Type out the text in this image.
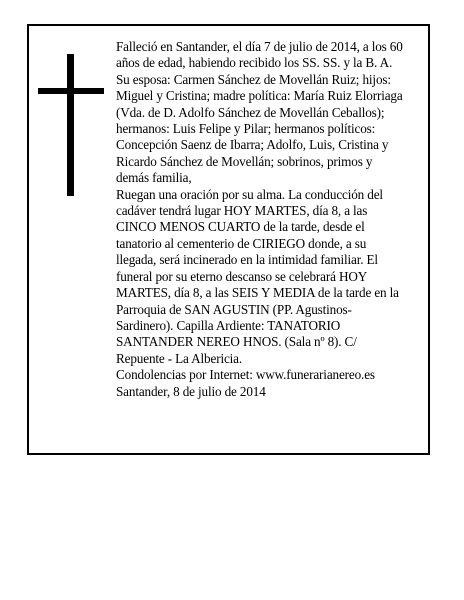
Falleció en Santander, el día 7 de julio de 2014, a los 60
años de edad, habiendo recibido los SS. SS. y la B. A.
Su esposa: Carmen Sánchez de Movellán Ruiz; hijos:
Miguel y Cristina; madre política: María Ruiz Elorriaga
(Vda. de D. Adolfo Sánchez de Movellán Ceballos);
hermanos: Luis Felipe y Pilar; hermanos políticos:
Concepción Saenz de Ibarra; Adolfo, Luis, Cristina y
Ricardo Sánchez de Movellán; sobrinos, primos y
demás familia,
Ruegan una oración por su alma. La conducción del
cadáver tendrá lugar HOY MARTES, día 8, a las
CINCO MENOS CUARTO de la tarde, desde el
tanatorio al cementerio de CIRIEGO donde, a su
llegada, será incinerado en la intimidad familiar. El
funeral por su eterno descanso se celebrará HOY
MARTES, día 8, a las SEIS Y MEDIA de la tarde en la
Parroquia de SAN AGUSTIN (PP. Agustinos-
Sardinero). Capilla Ardiente: TANATORIO
SANTANDER NEREO HNOS. (Sala nº 8). C/
Repuente - La Albericia.
Condolencias por Internet: www.funerarianereo.es
Santander, 8 de julio de 2014
